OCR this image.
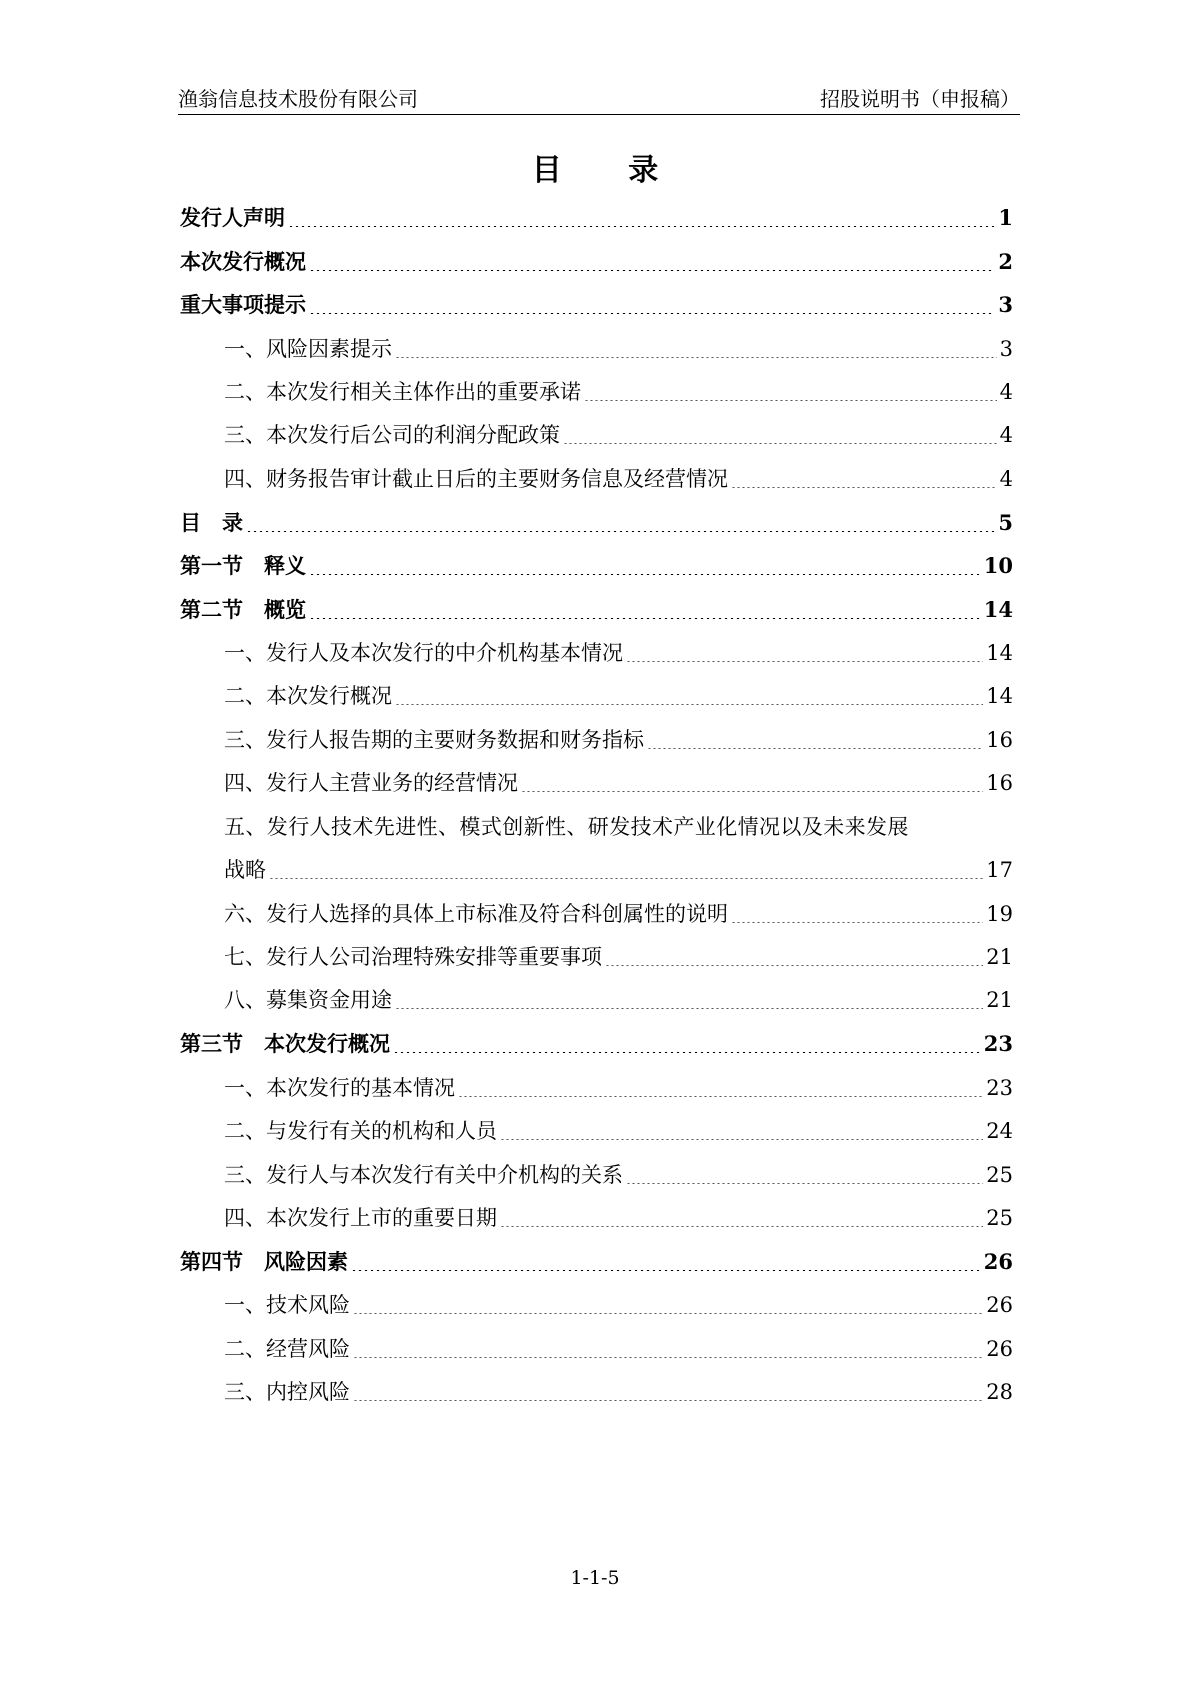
渔翁信息技术股份有限公司	招股说明书（申报稿）
目 录
发行人声明	1
本次发行概况	2
重大事项提示	3
一、风险因素提示	3
二、本次发行相关主体作出的重要承诺	4
三、本次发行后公司的利润分配政策	4
四、财务报告审计截止日后的主要财务信息及经营情况	4
目　录	5
第一节　释义	10
第二节　概览	14
一、发行人及本次发行的中介机构基本情况	14
二、本次发行概况	14
三、发行人报告期的主要财务数据和财务指标	16
四、发行人主营业务的经营情况	16
五、发行人技术先进性、模式创新性、研发技术产业化情况以及未来发展
战略	17
六、发行人选择的具体上市标准及符合科创属性的说明	19
七、发行人公司治理特殊安排等重要事项	21
八、募集资金用途	21
第三节　本次发行概况	23
一、本次发行的基本情况	23
二、与发行有关的机构和人员	24
三、发行人与本次发行有关中介机构的关系	25
四、本次发行上市的重要日期	25
第四节　风险因素	26
一、技术风险	26
二、经营风险	26
三、内控风险	28
1-1-5
